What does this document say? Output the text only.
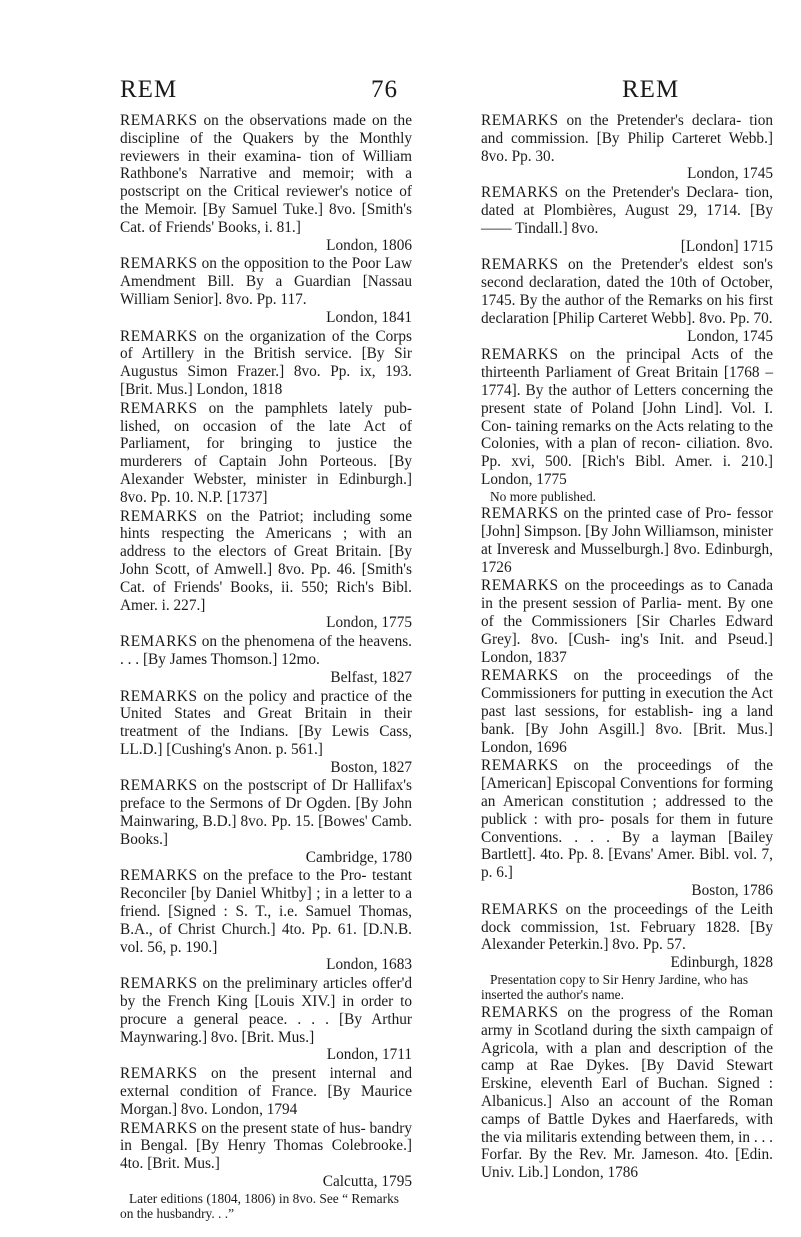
REM	76	REM

REMARKS on the observations made on the discipline of the Quakers by the Monthly reviewers in their examina- tion of William Rathbone's Narrative and memoir; with a postscript on the Critical reviewer's notice of the Memoir. [By Samuel Tuke.] 8vo. [Smith's Cat. of Friends' Books, i. 81.]
London, 1806

REMARKS on the opposition to the Poor Law Amendment Bill. By a Guardian [Nassau William Senior]. 8vo. Pp. 117.
London, 1841

REMARKS on the organization of the Corps of Artillery in the British service. [By Sir Augustus Simon Frazer.] 8vo. Pp. ix, 193. [Brit. Mus.] London, 1818

REMARKS on the pamphlets lately pub- lished, on occasion of the late Act of Parliament, for bringing to justice the murderers of Captain John Porteous. [By Alexander Webster, minister in Edinburgh.] 8vo. Pp. 10. N.P. [1737]

REMARKS on the Patriot; including some hints respecting the Americans ; with an address to the electors of Great Britain. [By John Scott, of Amwell.] 8vo. Pp. 46. [Smith's Cat. of Friends' Books, ii. 550; Rich's Bibl. Amer. i. 227.]
London, 1775

REMARKS on the phenomena of the heavens. . . . [By James Thomson.] 12mo.
Belfast, 1827

REMARKS on the policy and practice of the United States and Great Britain in their treatment of the Indians. [By Lewis Cass, LL.D.] [Cushing's Anon. p. 561.]
Boston, 1827

REMARKS on the postscript of Dr Hallifax's preface to the Sermons of Dr Ogden. [By John Mainwaring, B.D.] 8vo. Pp. 15. [Bowes' Camb. Books.]
Cambridge, 1780

REMARKS on the preface to the Pro- testant Reconciler [by Daniel Whitby] ; in a letter to a friend. [Signed : S. T., i.e. Samuel Thomas, B.A., of Christ Church.] 4to. Pp. 61. [D.N.B. vol. 56, p. 190.]
London, 1683

REMARKS on the preliminary articles offer'd by the French King [Louis XIV.] in order to procure a general peace. . . . [By Arthur Maynwaring.] 8vo. [Brit. Mus.]
London, 1711

REMARKS on the present internal and external condition of France. [By Maurice Morgan.] 8vo. London, 1794

REMARKS on the present state of hus- bandry in Bengal. [By Henry Thomas Colebrooke.] 4to. [Brit. Mus.]
Calcutta, 1795
Later editions (1804, 1806) in 8vo. See “ Remarks on the husbandry. . .”

REMARKS on the Pretender's declara- tion and commission. [By Philip Carteret Webb.] 8vo. Pp. 30.
London, 1745

REMARKS on the Pretender's Declara- tion, dated at Plombières, August 29, 1714. [By —— Tindall.] 8vo.
[London] 1715

REMARKS on the Pretender's eldest son's second declaration, dated the 10th of October, 1745. By the author of the Remarks on his first declaration [Philip Carteret Webb]. 8vo. Pp. 70.
London, 1745

REMARKS on the principal Acts of the thirteenth Parliament of Great Britain [1768 – 1774]. By the author of Letters concerning the present state of Poland [John Lind]. Vol. I. Con- taining remarks on the Acts relating to the Colonies, with a plan of recon- ciliation. 8vo. Pp. xvi, 500. [Rich's Bibl. Amer. i. 210.] London, 1775
No more published.

REMARKS on the printed case of Pro- fessor [John] Simpson. [By John Williamson, minister at Inveresk and Musselburgh.] 8vo. Edinburgh, 1726

REMARKS on the proceedings as to Canada in the present session of Parlia- ment. By one of the Commissioners [Sir Charles Edward Grey]. 8vo. [Cush- ing's Init. and Pseud.] London, 1837

REMARKS on the proceedings of the Commissioners for putting in execution the Act past last sessions, for establish- ing a land bank. [By John Asgill.] 8vo. [Brit. Mus.] London, 1696

REMARKS on the proceedings of the [American] Episcopal Conventions for forming an American constitution ; addressed to the publick : with pro- posals for them in future Conventions. . . . By a layman [Bailey Bartlett]. 4to. Pp. 8. [Evans' Amer. Bibl. vol. 7, p. 6.]
Boston, 1786

REMARKS on the proceedings of the Leith dock commission, 1st. February 1828. [By Alexander Peterkin.] 8vo. Pp. 57.
Edinburgh, 1828
Presentation copy to Sir Henry Jardine, who has inserted the author's name.

REMARKS on the progress of the Roman army in Scotland during the sixth campaign of Agricola, with a plan and description of the camp at Rae Dykes. [By David Stewart Erskine, eleventh Earl of Buchan. Signed : Albanicus.] Also an account of the Roman camps of Battle Dykes and Haerfareds, with the via militaris extending between them, in . . . Forfar. By the Rev. Mr. Jameson. 4to. [Edin. Univ. Lib.] London, 1786
